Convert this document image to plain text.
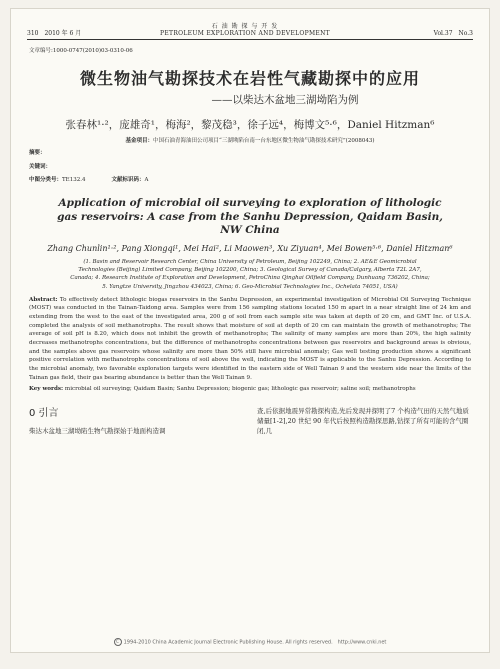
310　2010 年 6 月
石 油 勘 探 与 开 发
PETROLEUM EXPLORATION AND DEVELOPMENT	Vol.37　No.3
文章编号:1000-0747(2010)03-0310-06
微生物油气勘探技术在岩性气藏勘探中的应用
——以柴达木盆地三湖坳陷为例
张春林¹·²，庞雄奇¹，梅海²，黎茂稳³，徐子远⁴，梅博文⁵·⁶，Daniel Hitzman⁶
基金项目：中国石油青海油田公司项目“三湖坳陷台南一台东地区微生物油气勘探技术研究”(2008043)
摘要：
关键词：
中图分类号：TE132.4	文献标识码：A
Application of microbial oil surveying to exploration of lithologic gas reservoirs: A case from the Sanhu Depression, Qaidam Basin, NW China
Zhang Chunlin¹·², Pang Xiongqi¹, Mei Hai², Li Maowen³, Xu Ziyuan⁴, Mei Bowen⁵·⁶, Daniel Hitzman⁶
(1. Basin and Reservoir Research Center, China University of Petroleum, Beijing 102249, China; 2. AE&E Geomicrobial Technologies (Beijing) Limited Company, Beijing 102200, China; 3. Geological Survey of Canada/Calgary, Alberta T2L 2A7, Canada; 4. Research Institute of Exploration and Development, PetroChina Qinghai Oilfield Company, Dunhuang 736202, China; 5. Yangtze University, Jingzhou 434023, China; 6. Geo-Microbial Technologies Inc., Ochelata 74051, USA)
Abstract: To effectively detect lithologic biogas reservoirs in the Sanhu Depression, an experimental investigation of Microbial Oil Surveying Technique (MOST) was conducted in the Tainan-Taidong area. Samples were from 156 sampling stations located 150 m apart in a near straight line of 24 km and extending from the west to the east of the investigated area, 200 g of soil from each sample site was taken at depth of 20 cm, and GMT Inc. of U.S.A. completed the analysis of soil methanotrophs. The result shows that moisture of soil at depth of 20 cm can maintain the growth of methanotrophs; The average of soil pH is 8.20, which does not inhibit the growth of methanotrophs; The salinity of many samples are more than 20%, the high salinity decreases methanotrophs concentrations, but the difference of methanotrophs concentrations between gas reservoirs and background areas is obvious, and the samples above gas reservoirs whose salinity are more than 50% still have microbial anomaly; Gas well testing production shows a significant positive correlation with methanotrophs concentrations of soil above the well, indicating the MOST is applicable to the Sanhu Depression. According to the microbial anomaly, two favorable exploration targets were identified in the eastern side of Well Tainan 9 and the western side near the limits of the Tainan gas field, their gas bearing abundance is better than the Well Tainan 9.
Key words: microbial oil surveying; Qaidam Basin; Sanhu Depression; biogenic gas; lithologic gas reservoir; saline soil; methanotrophs
0 引言
柴达木盆地三湖坳陷生物气勘探始于地面构造调
查,后依据地震异常勘探构造,先后发现并探明了7 个构造气田的天然气地质储量[1-2],20 世纪 90 年代后按照构造勘探思路,钻探了所有可能的含气圈闭,几
C 1994-2010 China Academic Journal Electronic Publishing House. All rights reserved.　http://www.cnki.net
